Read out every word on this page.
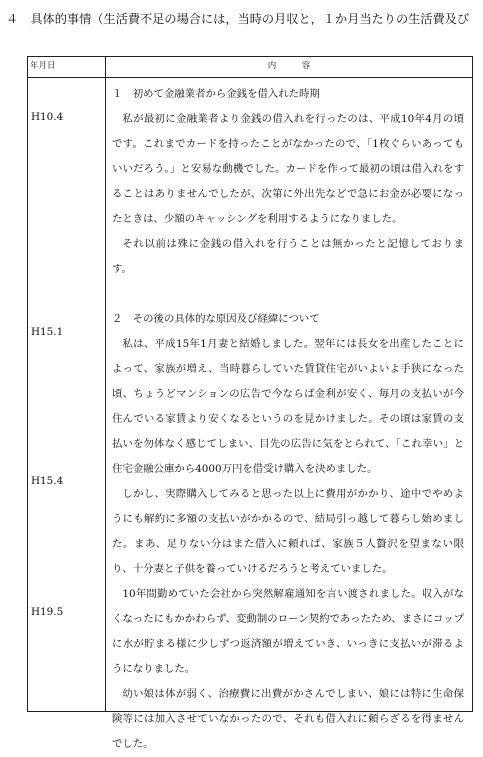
４　具体的事情（生活費不足の場合には，当時の月収と，１か月当たりの生活費及び
年月日	内　　　容
H10.4
H15.1
H15.4
H19.5

１　初めて金融業者から金銭を借入れた時期

私が最初に金融業者より金銭の借入れを行ったのは、平成10年4月の頃です。これまでカードを持ったことがなかったので、「1枚ぐらいあってもいいだろう。」と安易な動機でした。カードを作って最初の頃は借入れをすることはありませんでしたが、次第に外出先などで急にお金が必要になったときは、少額のキャッシングを利用するようになりました。

それ以前は殊に金銭の借入れを行うことは無かったと記憶しております。

２　その後の具体的な原因及び経緯について

私は、平成15年1月妻と結婚しました。翌年には長女を出産したことによって、家族が増え、当時暮らしていた賃貸住宅がいよいよ手狭になった頃、ちょうどマンションの広告で今ならば金利が安く、毎月の支払いが今住んでいる家賃より安くなるというのを見かけました。その頃は家賃の支払いを勿体なく感じてしまい、目先の広告に気をとられて、「これ幸い」と住宅金融公庫から4000万円を借受け購入を決めました。

しかし、実際購入してみると思った以上に費用がかかり、途中でやめようにも解約に多額の支払いがかかるので、結局引っ越して暮らし始めました。まあ、足りない分はまた借入に頼れば、家族５人贅沢を望まない限り、十分妻と子供を養っていけるだろうと考えていました。

10年間勤めていた会社から突然解雇通知を言い渡されました。収入がなくなったにもかかわらず、変動制のローン契約であったため、まさにコップに水が貯まる様に少しずつ返済額が増えていき、いっきに支払いが滞るようになりました。

幼い娘は体が弱く、治療費に出費がかさんでしまい、娘には特に生命保険等には加入させていなかったので、それも借入れに頼らざるを得ませんでした。
